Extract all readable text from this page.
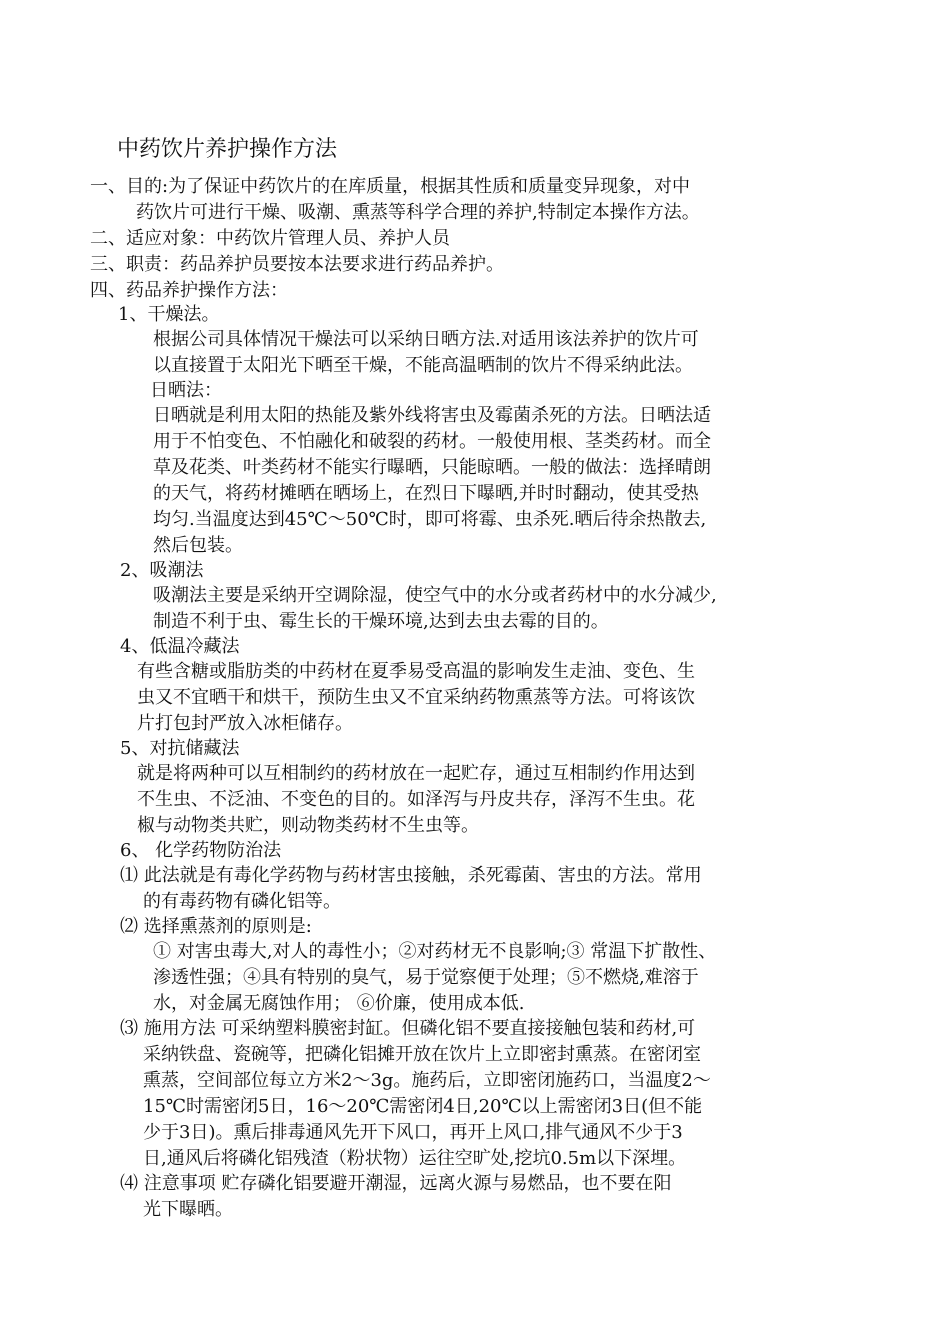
中药饮片养护操作方法
一、目的:为了保证中药饮片的在库质量，根据其性质和质量变异现象，对中
药饮片可进行干燥、吸潮、熏蒸等科学合理的养护,特制定本操作方法。
二、适应对象：中药饮片管理人员、养护人员
三、职责：药品养护员要按本法要求进行药品养护。
四、药品养护操作方法：
1、干燥法。
根据公司具体情况干燥法可以采纳日晒方法.对适用该法养护的饮片可
以直接置于太阳光下晒至干燥，不能高温晒制的饮片不得采纳此法。
日晒法：
日晒就是利用太阳的热能及紫外线将害虫及霉菌杀死的方法。日晒法适
用于不怕变色、不怕融化和破裂的药材。一般使用根、茎类药材。而全
草及花类、叶类药材不能实行曝晒，只能晾晒。一般的做法：选择晴朗
的天气，将药材摊晒在晒场上，在烈日下曝晒,并时时翻动，使其受热
均匀.当温度达到45℃～50℃时，即可将霉、虫杀死.晒后待余热散去,
然后包装。
2、吸潮法
吸潮法主要是采纳开空调除湿，使空气中的水分或者药材中的水分减少,
制造不利于虫、霉生长的干燥环境,达到去虫去霉的目的。
4、低温冷藏法
有些含糖或脂肪类的中药材在夏季易受高温的影响发生走油、变色、生
虫又不宜晒干和烘干，预防生虫又不宜采纳药物熏蒸等方法。可将该饮
片打包封严放入冰柜储存。
5、对抗储藏法
就是将两种可以互相制约的药材放在一起贮存，通过互相制约作用达到
不生虫、不泛油、不变色的目的。如泽泻与丹皮共存，泽泻不生虫。花
椒与动物类共贮，则动物类药材不生虫等。
6、 化学药物防治法
⑴ 此法就是有毒化学药物与药材害虫接触，杀死霉菌、害虫的方法。常用
的有毒药物有磷化铝等。
⑵ 选择熏蒸剂的原则是:
① 对害虫毒大,对人的毒性小；②对药材无不良影响;③ 常温下扩散性、
渗透性强；④具有特别的臭气，易于觉察便于处理；⑤不燃烧,难溶于
水，对金属无腐蚀作用； ⑥价廉，使用成本低.
⑶ 施用方法 可采纳塑料膜密封缸。但磷化铝不要直接接触包装和药材,可
采纳铁盘、瓷碗等，把磷化铝摊开放在饮片上立即密封熏蒸。在密闭室
熏蒸，空间部位每立方米2～3g。施药后，立即密闭施药口，当温度2～
15℃时需密闭5日，16～20℃需密闭4日,20℃以上需密闭3日(但不能
少于3日)。熏后排毒通风先开下风口，再开上风口,排气通风不少于3
日,通风后将磷化铝残渣（粉状物）运往空旷处,挖坑0.5m以下深埋。
⑷ 注意事项 贮存磷化铝要避开潮湿，远离火源与易燃品，也不要在阳
光下曝晒。
